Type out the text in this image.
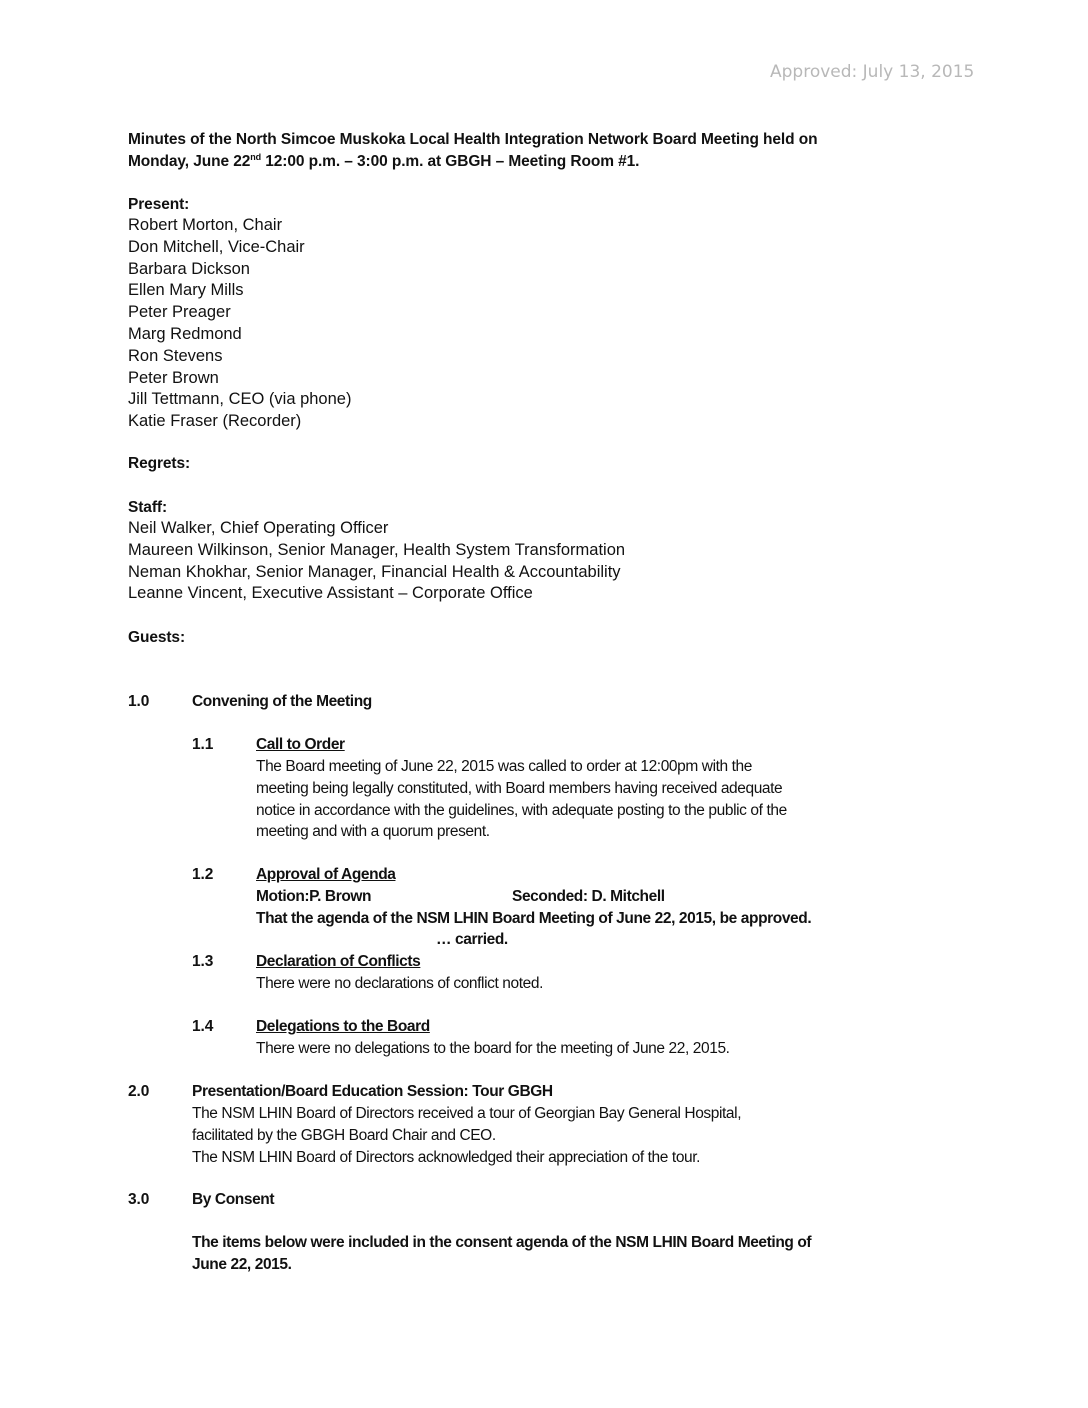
Approved: July 13, 2015
Minutes of the North Simcoe Muskoka Local Health Integration Network Board Meeting held on
Monday, June 22nd 12:00 p.m. – 3:00 p.m. at GBGH – Meeting Room #1.
Present:
Robert Morton, Chair
Don Mitchell, Vice-Chair
Barbara Dickson
Ellen Mary Mills
Peter Preager
Marg Redmond
Ron Stevens
Peter Brown
Jill Tettmann, CEO (via phone)
Katie Fraser (Recorder)
Regrets:
Staff:
Neil Walker, Chief Operating Officer
Maureen Wilkinson, Senior Manager, Health System Transformation
Neman Khokhar, Senior Manager, Financial Health & Accountability
Leanne Vincent, Executive Assistant – Corporate Office
Guests:
1.0	Convening of the Meeting
1.1	Call to Order
The Board meeting of June 22, 2015 was called to order at 12:00pm with the
meeting being legally constituted, with Board members having received adequate
notice in accordance with the guidelines, with adequate posting to the public of the
meeting and with a quorum present.
1.2	Approval of Agenda
Motion:P. Brown	Seconded: D. Mitchell
That the agenda of the NSM LHIN Board Meeting of June 22, 2015, be approved.
… carried.
1.3	Declaration of Conflicts
There were no declarations of conflict noted.
1.4	Delegations to the Board
There were no delegations to the board for the meeting of June 22, 2015.
2.0	Presentation/Board Education Session: Tour GBGH
The NSM LHIN Board of Directors received a tour of Georgian Bay General Hospital,
facilitated by the GBGH Board Chair and CEO.
The NSM LHIN Board of Directors acknowledged their appreciation of the tour.
3.0	By Consent
The items below were included in the consent agenda of the NSM LHIN Board Meeting of
June 22, 2015.
